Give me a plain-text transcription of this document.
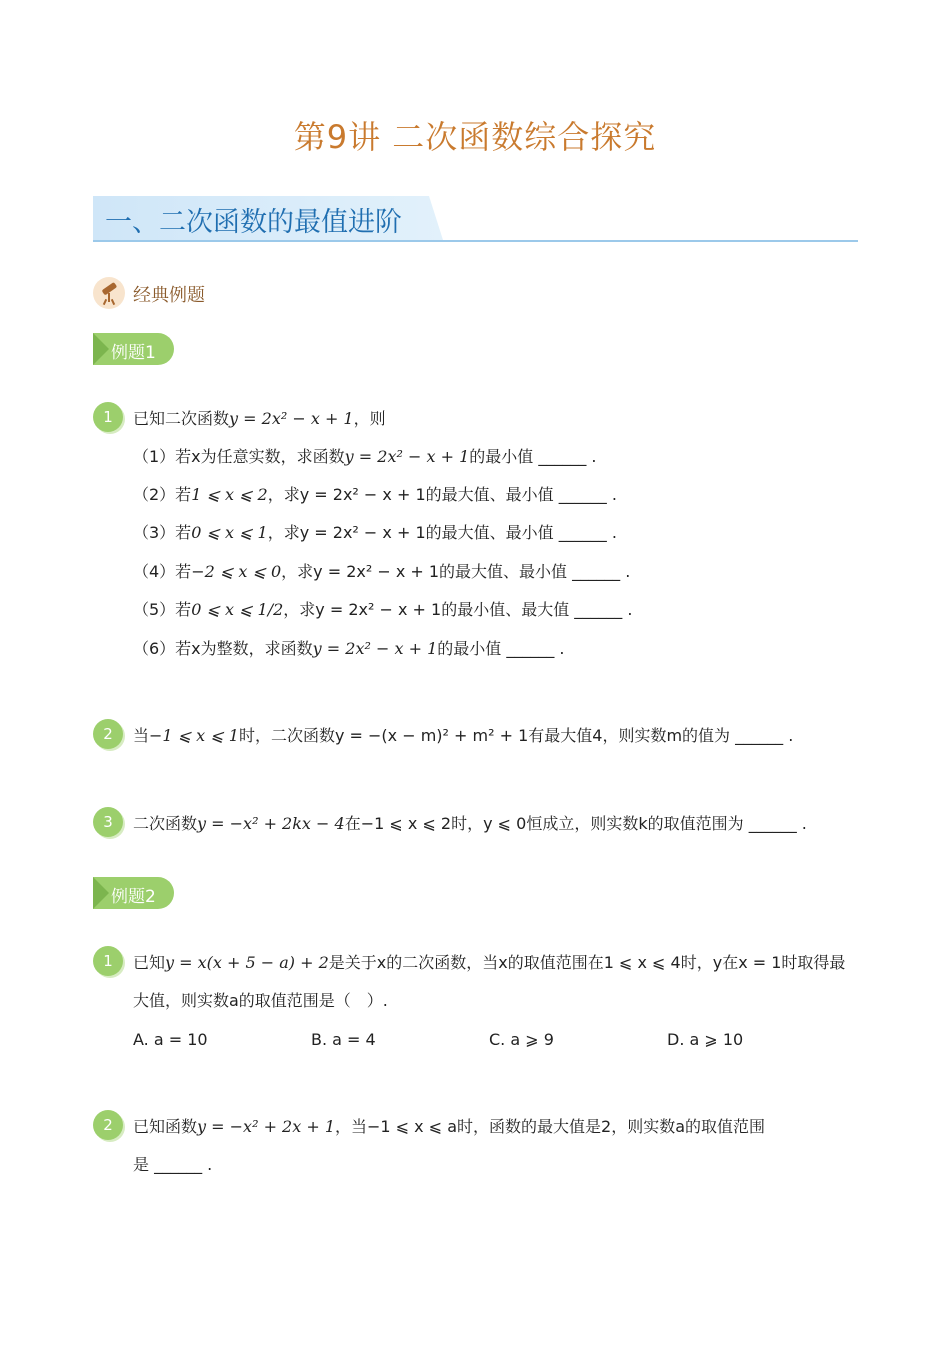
第9讲 二次函数综合探究
一、二次函数的最值进阶
经典例题
例题1
1	已知二次函数y = 2x² − x + 1，则
（1）若x为任意实数，求函数y = 2x² − x + 1的最小值 ______ .
（2）若1 ⩽ x ⩽ 2，求y = 2x² − x + 1的最大值、最小值 ______ .
（3）若0 ⩽ x ⩽ 1，求y = 2x² − x + 1的最大值、最小值 ______ .
（4）若−2 ⩽ x ⩽ 0，求y = 2x² − x + 1的最大值、最小值 ______ .
（5）若0 ⩽ x ⩽ 1/2，求y = 2x² − x + 1的最小值、最大值 ______ .
（6）若x为整数，求函数y = 2x² − x + 1的最小值 ______ .
2	当−1 ⩽ x ⩽ 1时，二次函数y = −(x − m)² + m² + 1有最大值4，则实数m的值为 ______ .
3	二次函数y = −x² + 2kx − 4在−1 ⩽ x ⩽ 2时，y ⩽ 0恒成立，则实数k的取值范围为 ______ .
例题2
1	已知y = x(x + 5 − a) + 2是关于x的二次函数，当x的取值范围在1 ⩽ x ⩽ 4时，y在x = 1时取得最
大值，则实数a的取值范围是（　）.
A. a = 10	B. a = 4	C. a ⩾ 9	D. a ⩾ 10
2	已知函数y = −x² + 2x + 1，当−1 ⩽ x ⩽ a时，函数的最大值是2，则实数a的取值范围
是 ______ .
